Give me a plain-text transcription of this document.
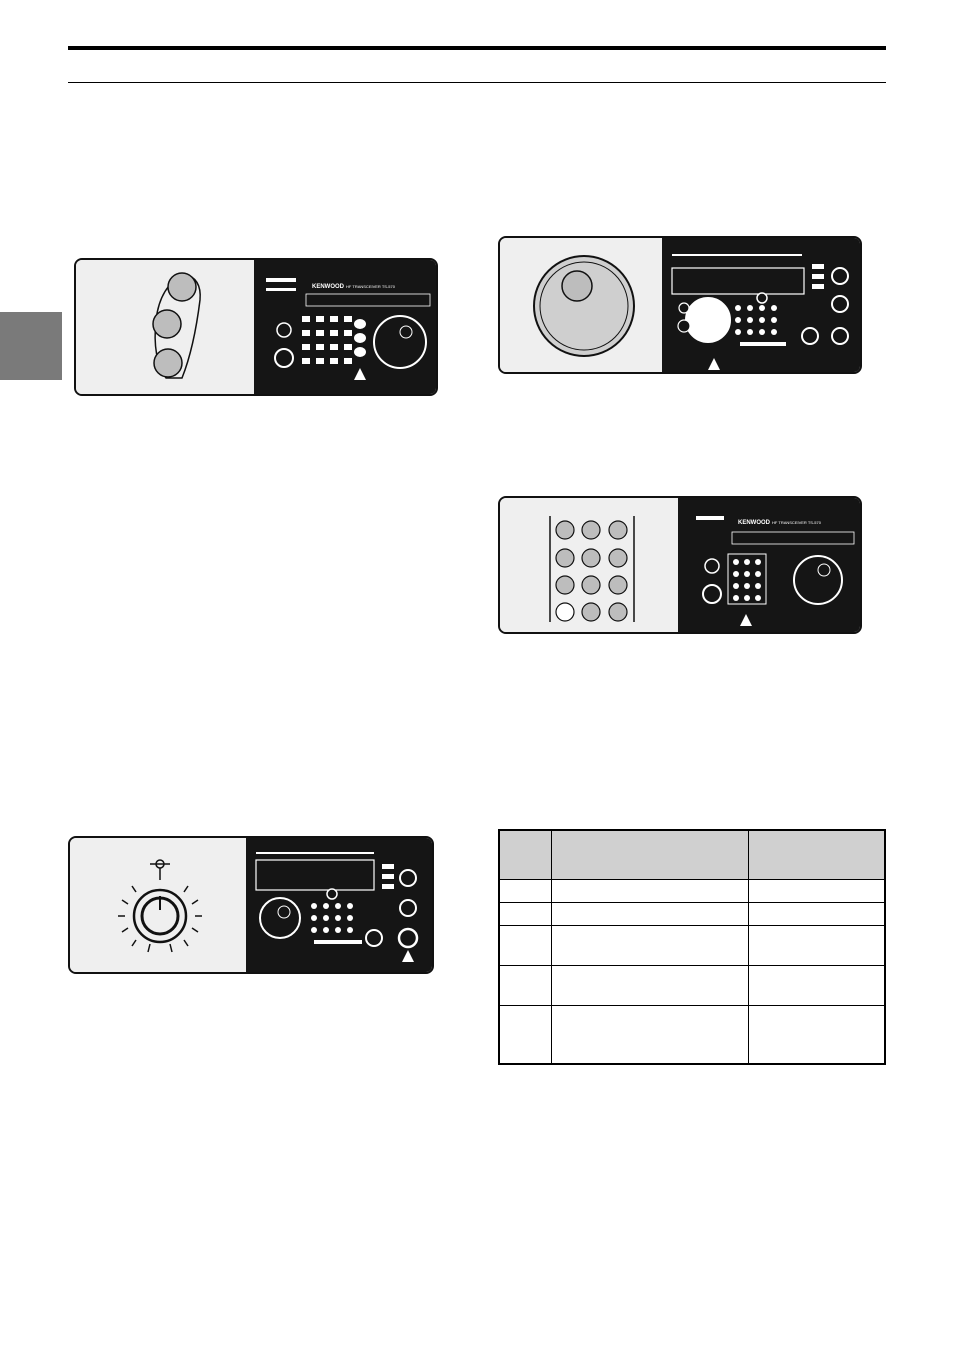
KENWOOD HF TRANSCEIVER TS-570
KENWOOD HF TRANSCEIVER TS-570
